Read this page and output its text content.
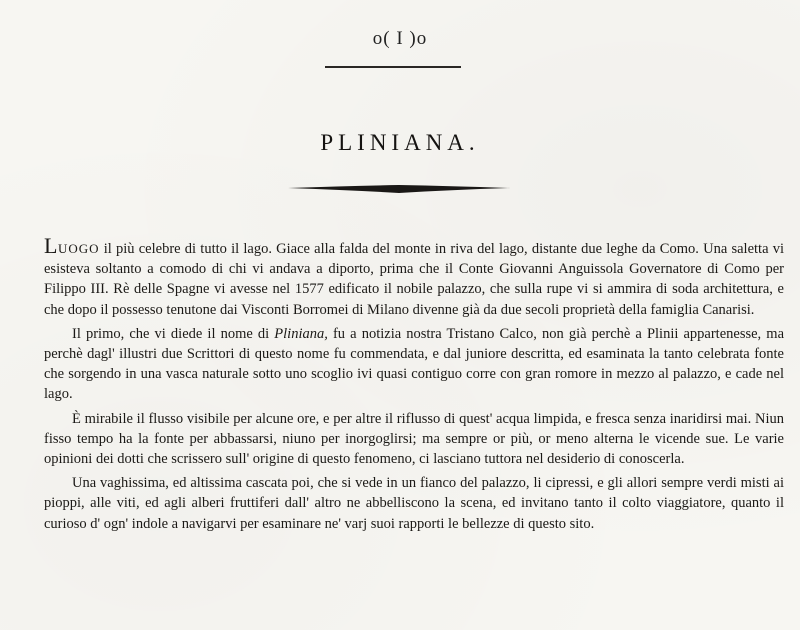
o( I )o
PLINIANA.

LUOGO il più celebre di tutto il lago. Giace alla falda del monte in riva del lago, distante due leghe da Como. Una saletta vi esisteva soltanto a comodo di chi vi andava a diporto, prima che il Conte Giovanni Anguissola Governatore di Como per Filippo III. Rè delle Spagne vi avesse nel 1577 edificato il nobile palazzo, che sulla rupe vi si ammira di soda architettura, e che dopo il possesso tenutone dai Visconti Borromei di Milano divenne già da due secoli proprietà della famiglia Canarisi.

Il primo, che vi diede il nome di Pliniana, fu a notizia nostra Tristano Calco, non già perchè a Plinii appartenesse, ma perchè dagl' illustri due Scrittori di questo nome fu commendata, e dal juniore descritta, ed esaminata la tanto celebrata fonte che sorgendo in una vasca naturale sotto uno scoglio ivi quasi contiguo corre con gran romore in mezzo al palazzo, e cade nel lago.

È mirabile il flusso visibile per alcune ore, e per altre il riflusso di quest' acqua limpida, e fresca senza inaridirsi mai. Niun fisso tempo ha la fonte per abbassarsi, niuno per inorgoglirsi; ma sempre or più, or meno alterna le vicende sue. Le varie opinioni dei dotti che scrissero sull' origine di questo fenomeno, ci lasciano tuttora nel desiderio di conoscerla.

Una vaghissima, ed altissima cascata poi, che si vede in un fianco del palazzo, li cipressi, e gli allori sempre verdi misti ai pioppi, alle viti, ed agli alberi fruttiferi dall' altro ne abbelliscono la scena, ed invitano tanto il colto viaggiatore, quanto il curioso d' ogn' indole a navigarvi per esaminare ne' varj suoi rapporti le bellezze di questo sito.
